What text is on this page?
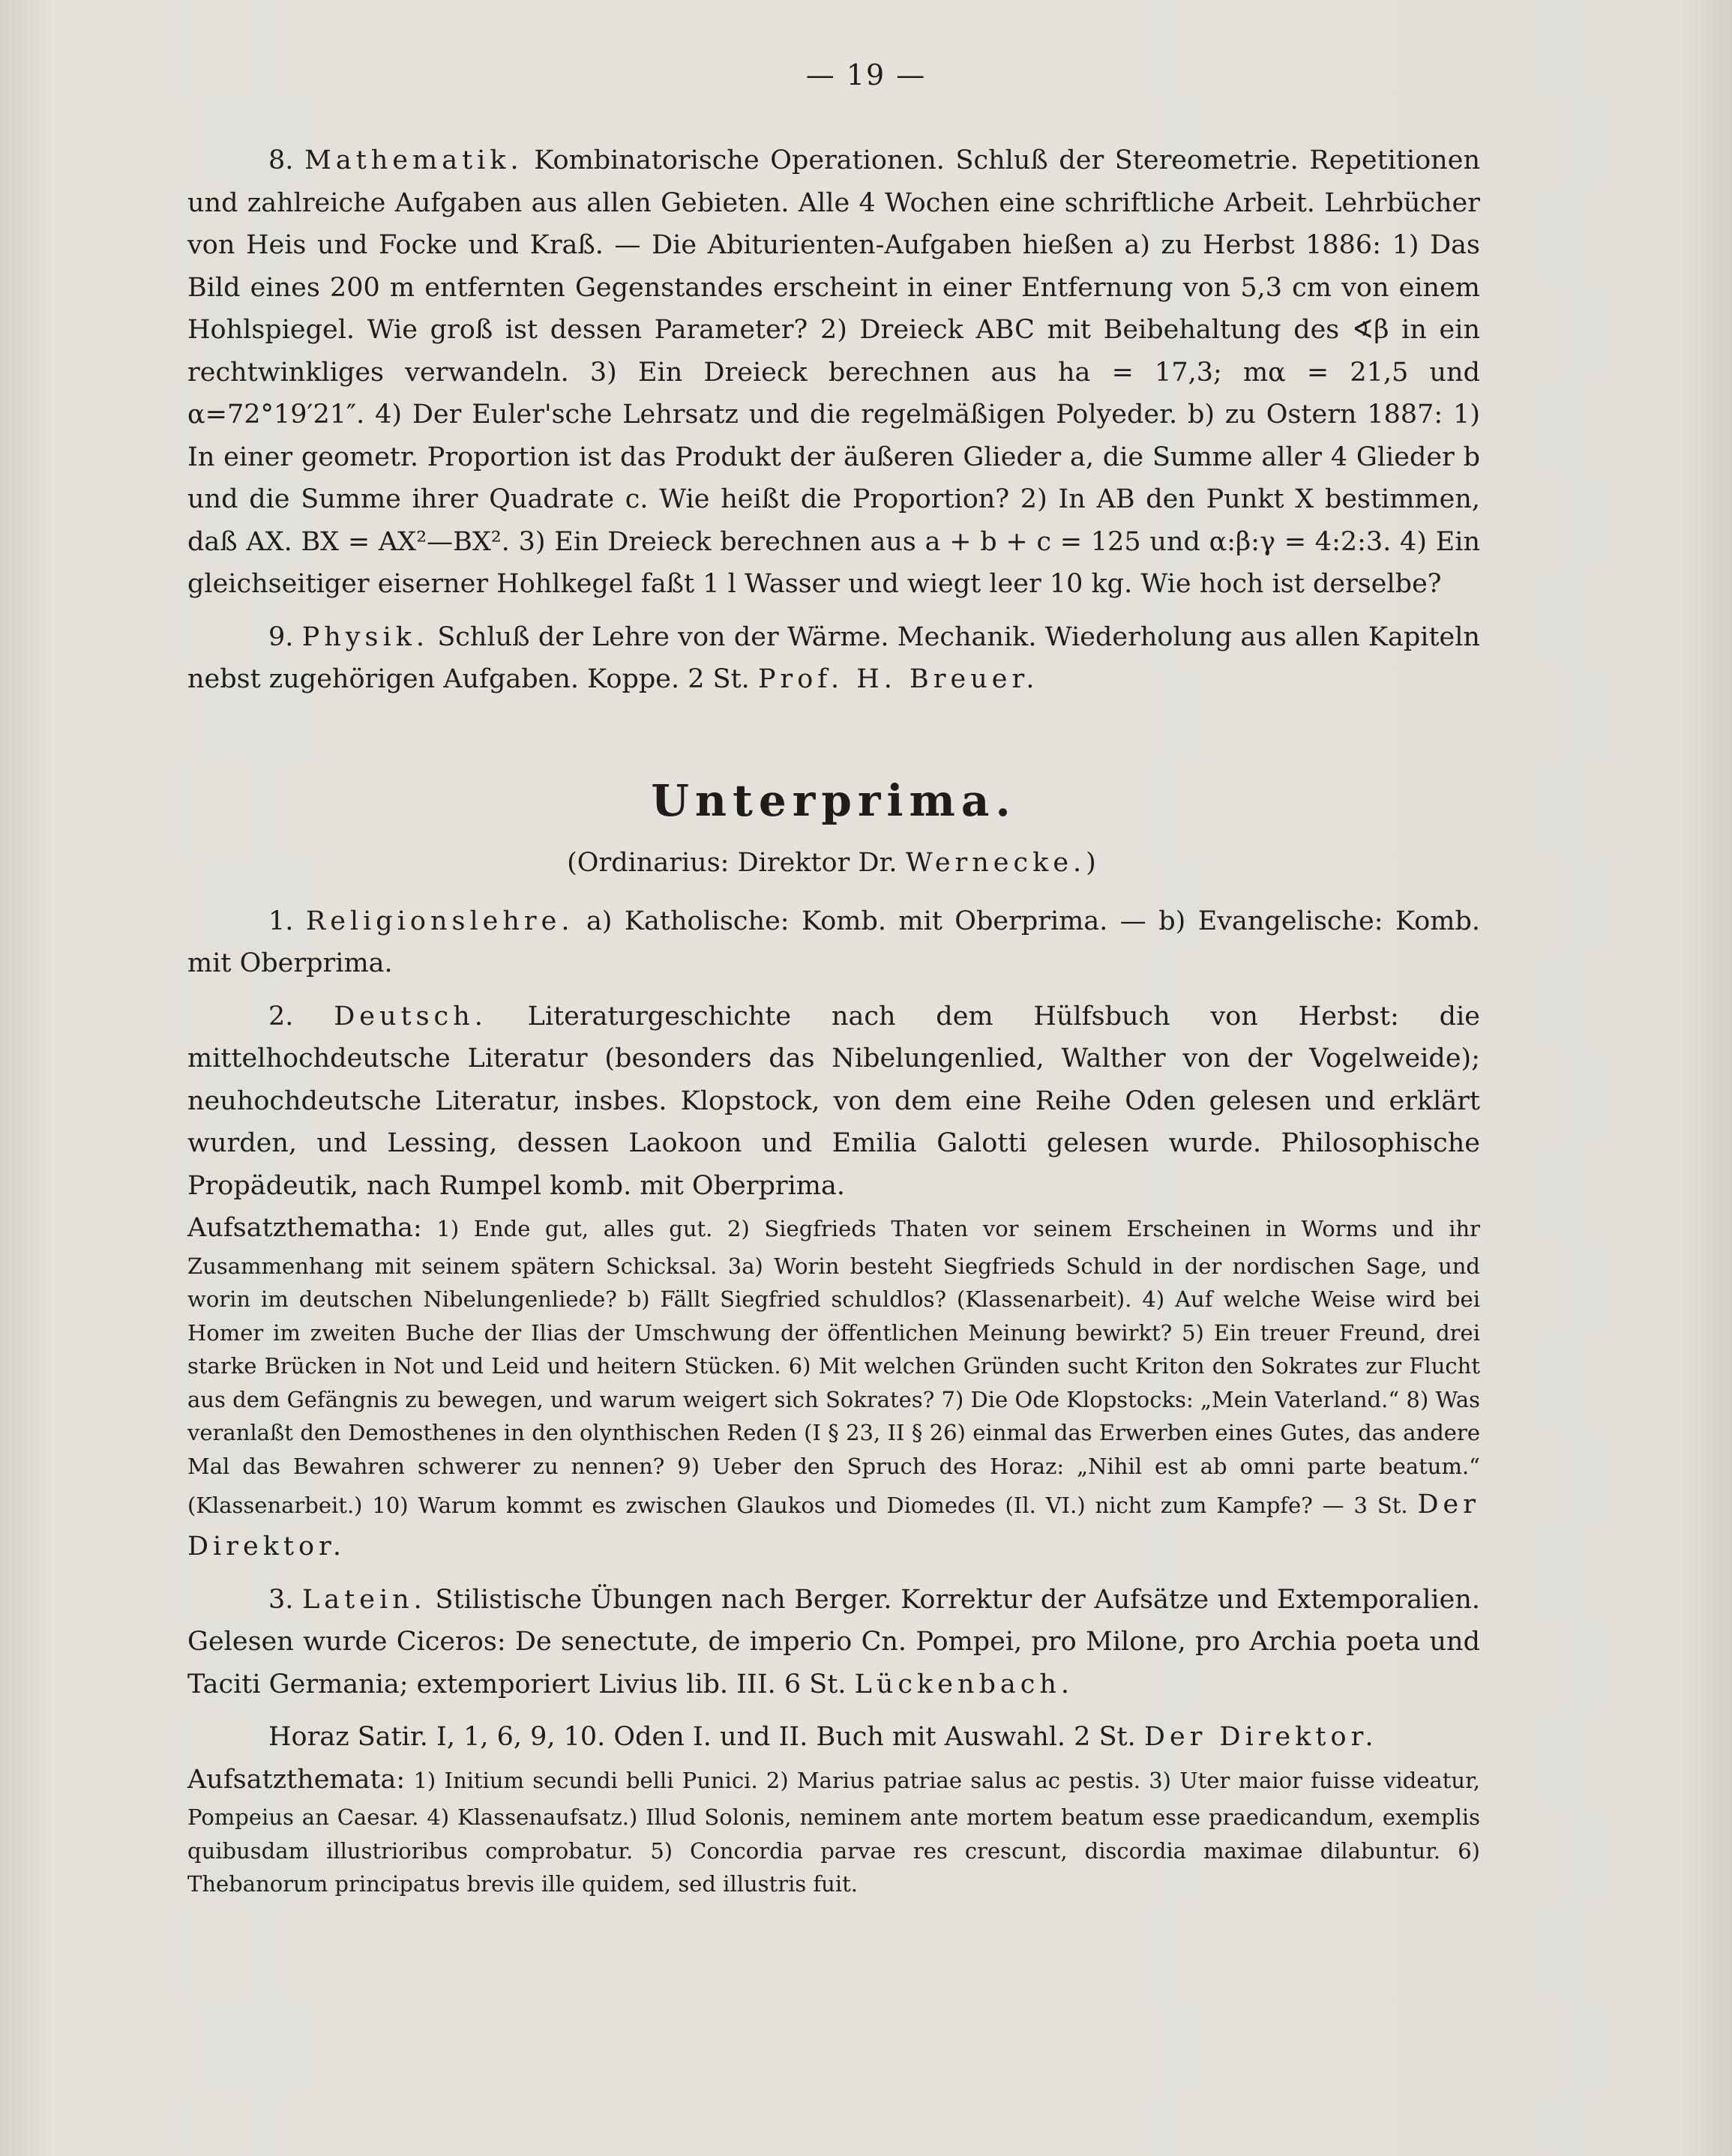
— 19 —

8. Mathematik. Kombinatorische Operationen. Schluß der Stereometrie. Repetitionen und zahlreiche Aufgaben aus allen Gebieten. Alle 4 Wochen eine schriftliche Arbeit. Lehrbücher von Heis und Focke und Kraß. — Die Abiturienten-Aufgaben hießen a) zu Herbst 1886: 1) Das Bild eines 200 m entfernten Gegenstandes erscheint in einer Entfernung von 5,3 cm von einem Hohlspiegel. Wie groß ist dessen Parameter? 2) Dreieck ABC mit Beibehaltung des ∢β in ein rechtwinkliges verwandeln. 3) Ein Dreieck berechnen aus ha = 17,3; mα = 21,5 und α=72°19′21″. 4) Der Euler'sche Lehrsatz und die regelmäßigen Polyeder. b) zu Ostern 1887: 1) In einer geometr. Proportion ist das Produkt der äußeren Glieder a, die Summe aller 4 Glieder b und die Summe ihrer Quadrate c. Wie heißt die Proportion? 2) In AB den Punkt X bestimmen, daß AX. BX = AX²—BX². 3) Ein Dreieck berechnen aus a + b + c = 125 und α:β:γ = 4:2:3. 4) Ein gleichseitiger eiserner Hohlkegel faßt 1 l Wasser und wiegt leer 10 kg. Wie hoch ist derselbe?

9. Physik. Schluß der Lehre von der Wärme. Mechanik. Wiederholung aus allen Kapiteln nebst zugehörigen Aufgaben. Koppe. 2 St. Prof. H. Breuer.

Unterprima.
(Ordinarius: Direktor Dr. Wernecke.)

1. Religionslehre. a) Katholische: Komb. mit Oberprima. — b) Evangelische: Komb. mit Oberprima.

2. Deutsch. Literaturgeschichte nach dem Hülfsbuch von Herbst: die mittelhochdeutsche Literatur (besonders das Nibelungenlied, Walther von der Vogelweide); neuhochdeutsche Literatur, insbes. Klopstock, von dem eine Reihe Oden gelesen und erklärt wurden, und Lessing, dessen Laokoon und Emilia Galotti gelesen wurde. Philosophische Propädeutik, nach Rumpel komb. mit Oberprima.

Aufsatzthematha: 1) Ende gut, alles gut. 2) Siegfrieds Thaten vor seinem Erscheinen in Worms und ihr Zusammenhang mit seinem spätern Schicksal. 3a) Worin besteht Siegfrieds Schuld in der nordischen Sage, und worin im deutschen Nibelungenliede? b) Fällt Siegfried schuldlos? (Klassenarbeit). 4) Auf welche Weise wird bei Homer im zweiten Buche der Ilias der Umschwung der öffentlichen Meinung bewirkt? 5) Ein treuer Freund, drei starke Brücken in Not und Leid und heitern Stücken. 6) Mit welchen Gründen sucht Kriton den Sokrates zur Flucht aus dem Gefängnis zu bewegen, und warum weigert sich Sokrates? 7) Die Ode Klopstocks: „Mein Vaterland.“ 8) Was veranlaßt den Demosthenes in den olynthischen Reden (I § 23, II § 26) einmal das Erwerben eines Gutes, das andere Mal das Bewahren schwerer zu nennen? 9) Ueber den Spruch des Horaz: „Nihil est ab omni parte beatum.“ (Klassenarbeit.) 10) Warum kommt es zwischen Glaukos und Diomedes (Il. VI.) nicht zum Kampfe? — 3 St. Der Direktor.

3. Latein. Stilistische Übungen nach Berger. Korrektur der Aufsätze und Extemporalien. Gelesen wurde Ciceros: De senectute, de imperio Cn. Pompei, pro Milone, pro Archia poeta und Taciti Germania; extemporiert Livius lib. III. 6 St. Lückenbach.

Horaz Satir. I, 1, 6, 9, 10. Oden I. und II. Buch mit Auswahl. 2 St. Der Direktor.

Aufsatzthemata: 1) Initium secundi belli Punici. 2) Marius patriae salus ac pestis. 3) Uter maior fuisse videatur, Pompeius an Caesar. 4) Klassenaufsatz.) Illud Solonis, neminem ante mortem beatum esse praedicandum, exemplis quibusdam illustrioribus comprobatur. 5) Concordia parvae res crescunt, discordia maximae dilabuntur. 6) Thebanorum principatus brevis ille quidem, sed illustris fuit.
